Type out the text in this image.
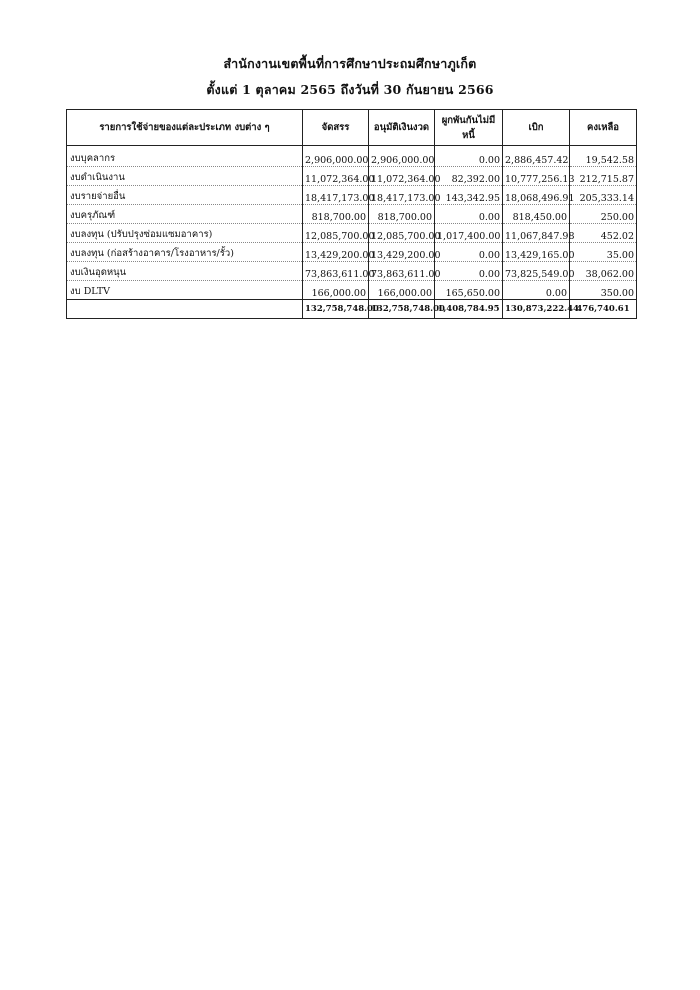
สำนักงานเขตพื้นที่การศึกษาประถมศึกษาภูเก็ต
ตั้งแต่ 1 ตุลาคม 2565 ถึงวันที่ 30 กันยายน 2566
รายการใช้จ่ายของแต่ละประเภท งบต่าง ๆ	จัดสรร	อนุมัติเงินงวด	ผูกพันกันไม่มีหนี้	เบิก	คงเหลือ

งบบุคลากร	2,906,000.00	2,906,000.00	0.00	2,886,457.42	19,542.58
งบดำเนินงาน	11,072,364.00	11,072,364.00	82,392.00	10,777,256.13	212,715.87
งบรายจ่ายอื่น	18,417,173.00	18,417,173.00	143,342.95	18,068,496.91	205,333.14
งบครุภัณฑ์	818,700.00	818,700.00	0.00	818,450.00	250.00
งบลงทุน (ปรับปรุงซ่อมแซมอาคาร)	12,085,700.00	12,085,700.00	1,017,400.00	11,067,847.98	452.02
งบลงทุน (ก่อสร้างอาคาร/โรงอาหาร/รั้ว)	13,429,200.00	13,429,200.00	0.00	13,429,165.00	35.00
งบเงินอุดหนุน	73,863,611.00	73,863,611.00	0.00	73,825,549.00	38,062.00
งบ DLTV	166,000.00	166,000.00	165,650.00	0.00	350.00
	132,758,748.00	132,758,748.00	1,408,784.95	130,873,222.44	476,740.61
